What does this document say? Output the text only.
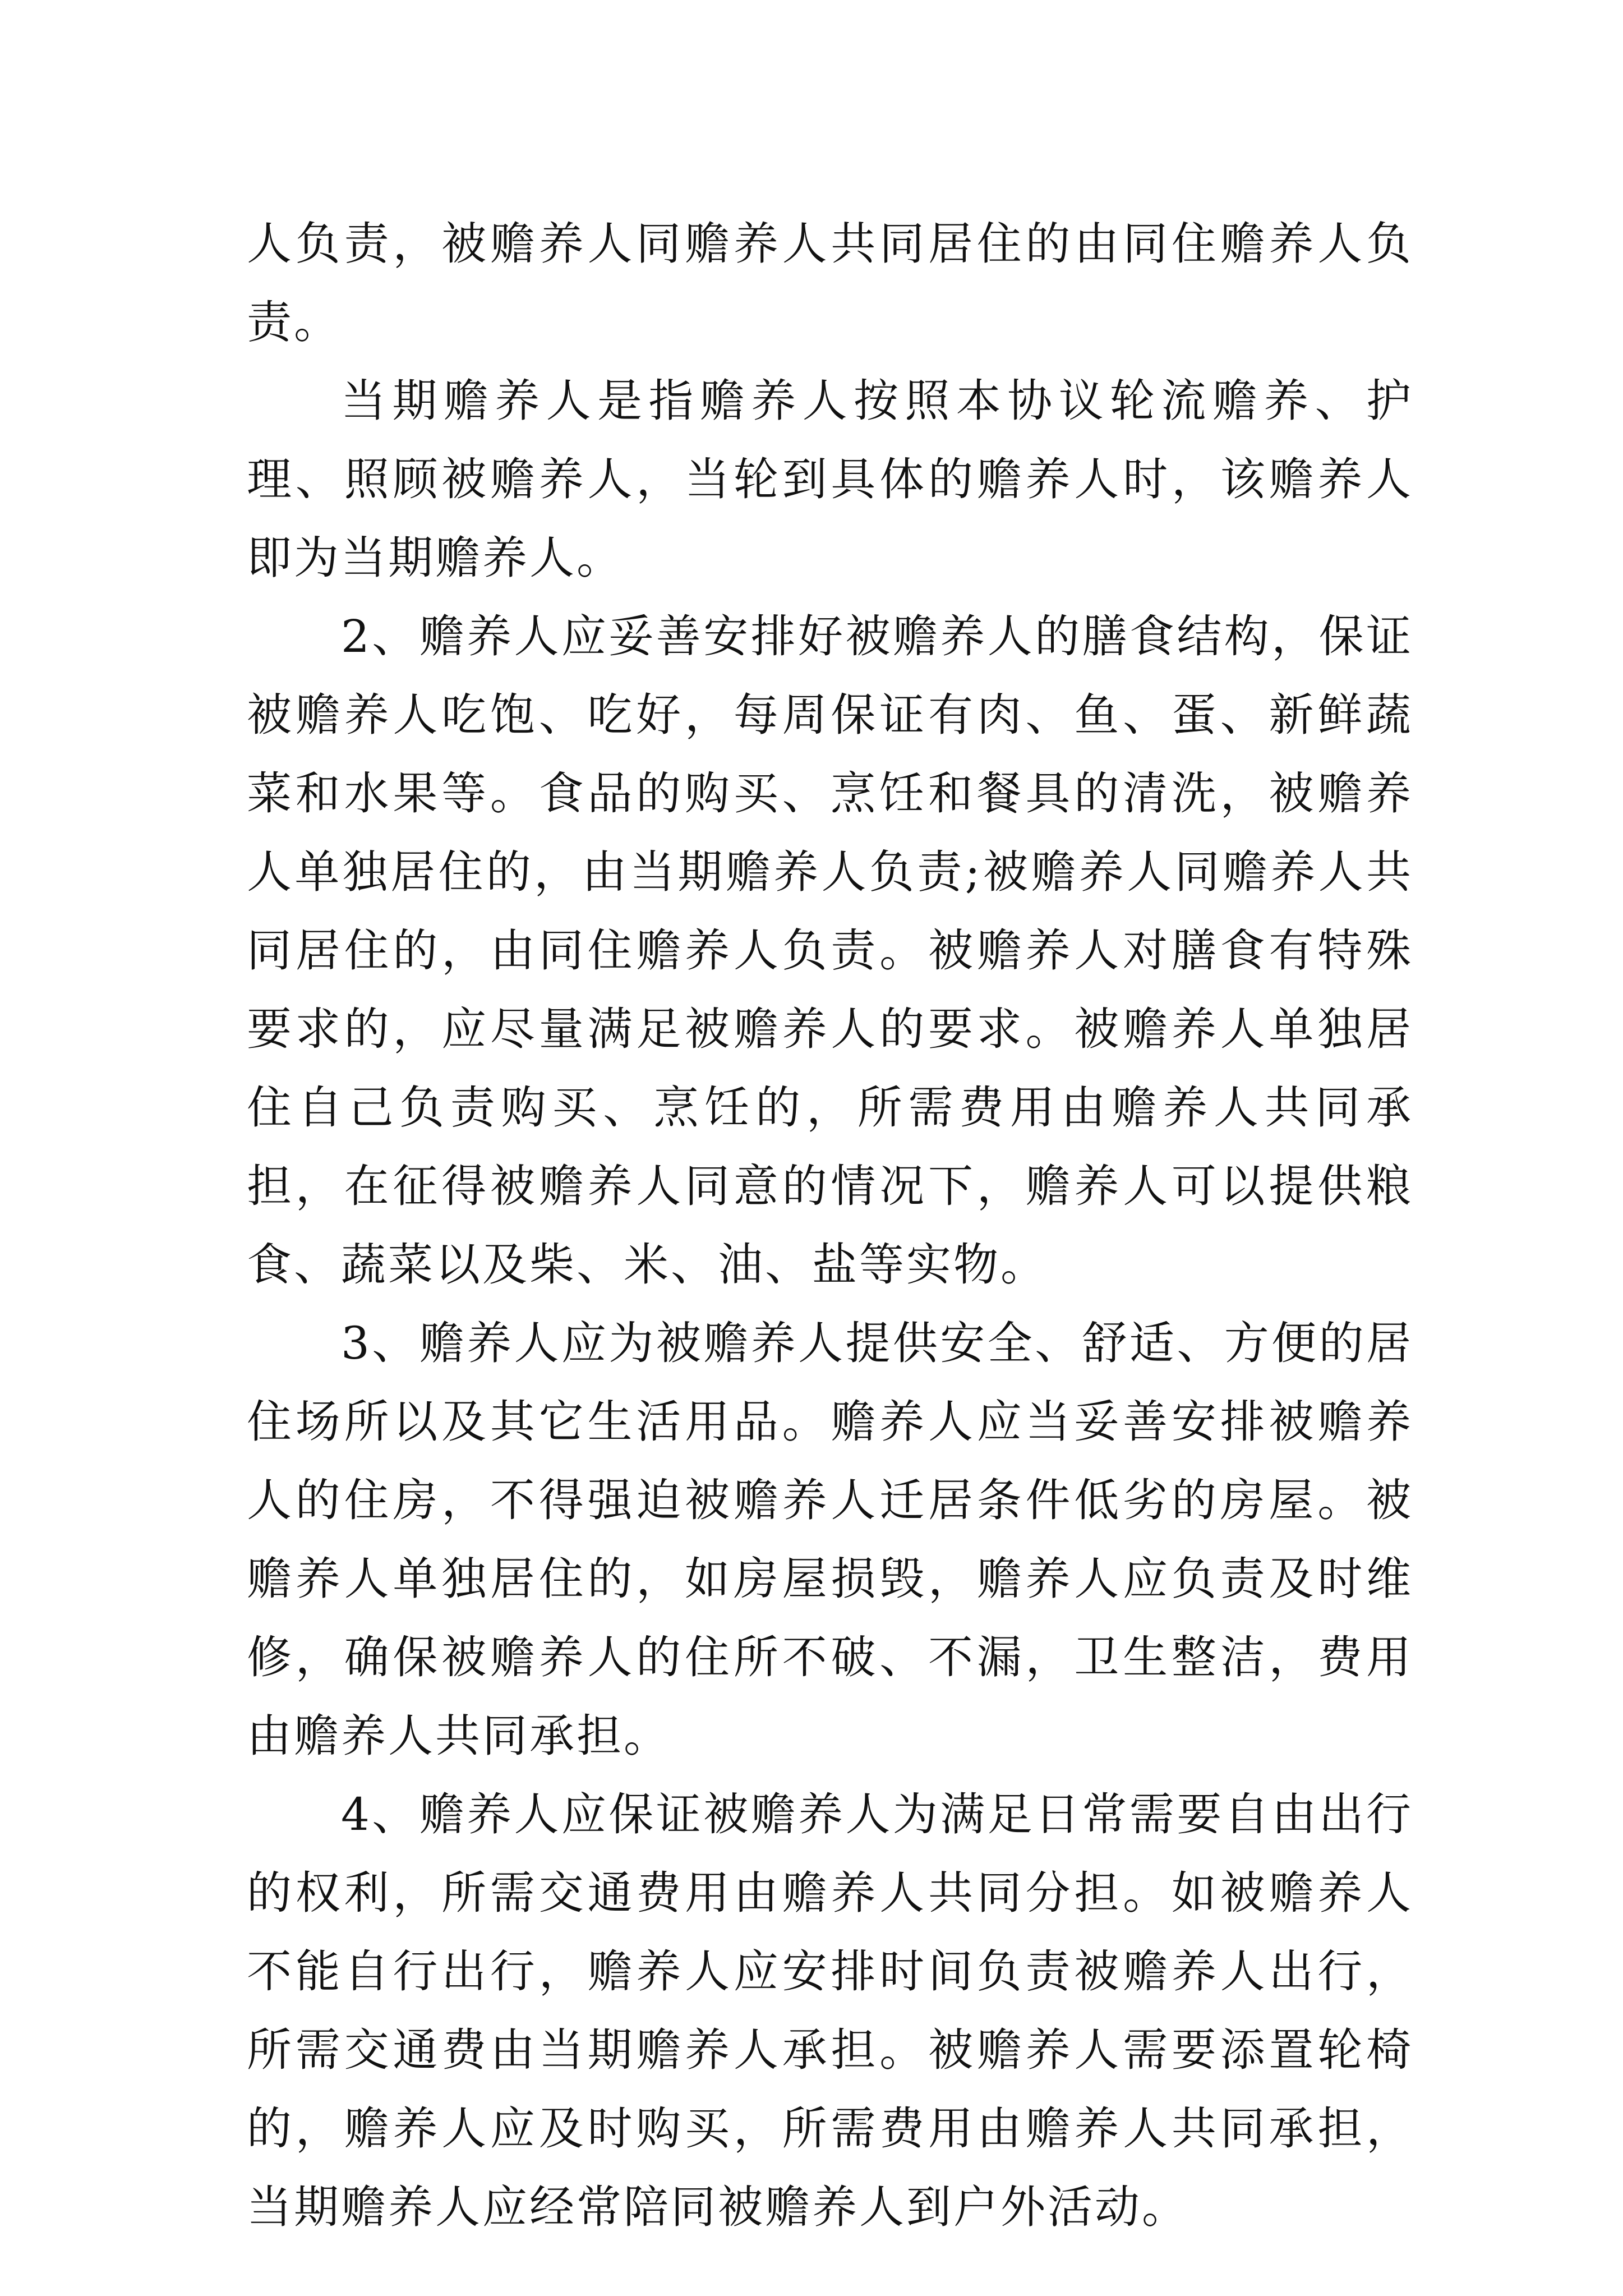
人负责，被赡养人同赡养人共同居住的由同住赡养人负责。

当期赡养人是指赡养人按照本协议轮流赡养、护理、照顾被赡养人，当轮到具体的赡养人时，该赡养人即为当期赡养人。

2、赡养人应妥善安排好被赡养人的膳食结构，保证被赡养人吃饱、吃好，每周保证有肉、鱼、蛋、新鲜蔬菜和水果等。食品的购买、烹饪和餐具的清洗，被赡养人单独居住的，由当期赡养人负责;被赡养人同赡养人共同居住的，由同住赡养人负责。被赡养人对膳食有特殊要求的，应尽量满足被赡养人的要求。被赡养人单独居住自己负责购买、烹饪的，所需费用由赡养人共同承担，在征得被赡养人同意的情况下，赡养人可以提供粮食、蔬菜以及柴、米、油、盐等实物。

3、赡养人应为被赡养人提供安全、舒适、方便的居住场所以及其它生活用品。赡养人应当妥善安排被赡养人的住房，不得强迫被赡养人迁居条件低劣的房屋。被赡养人单独居住的，如房屋损毁，赡养人应负责及时维修，确保被赡养人的住所不破、不漏，卫生整洁，费用由赡养人共同承担。

4、赡养人应保证被赡养人为满足日常需要自由出行的权利，所需交通费用由赡养人共同分担。如被赡养人不能自行出行，赡养人应安排时间负责被赡养人出行，所需交通费由当期赡养人承担。被赡养人需要添置轮椅的，赡养人应及时购买，所需费用由赡养人共同承担，当期赡养人应经常陪同被赡养人到户外活动。
